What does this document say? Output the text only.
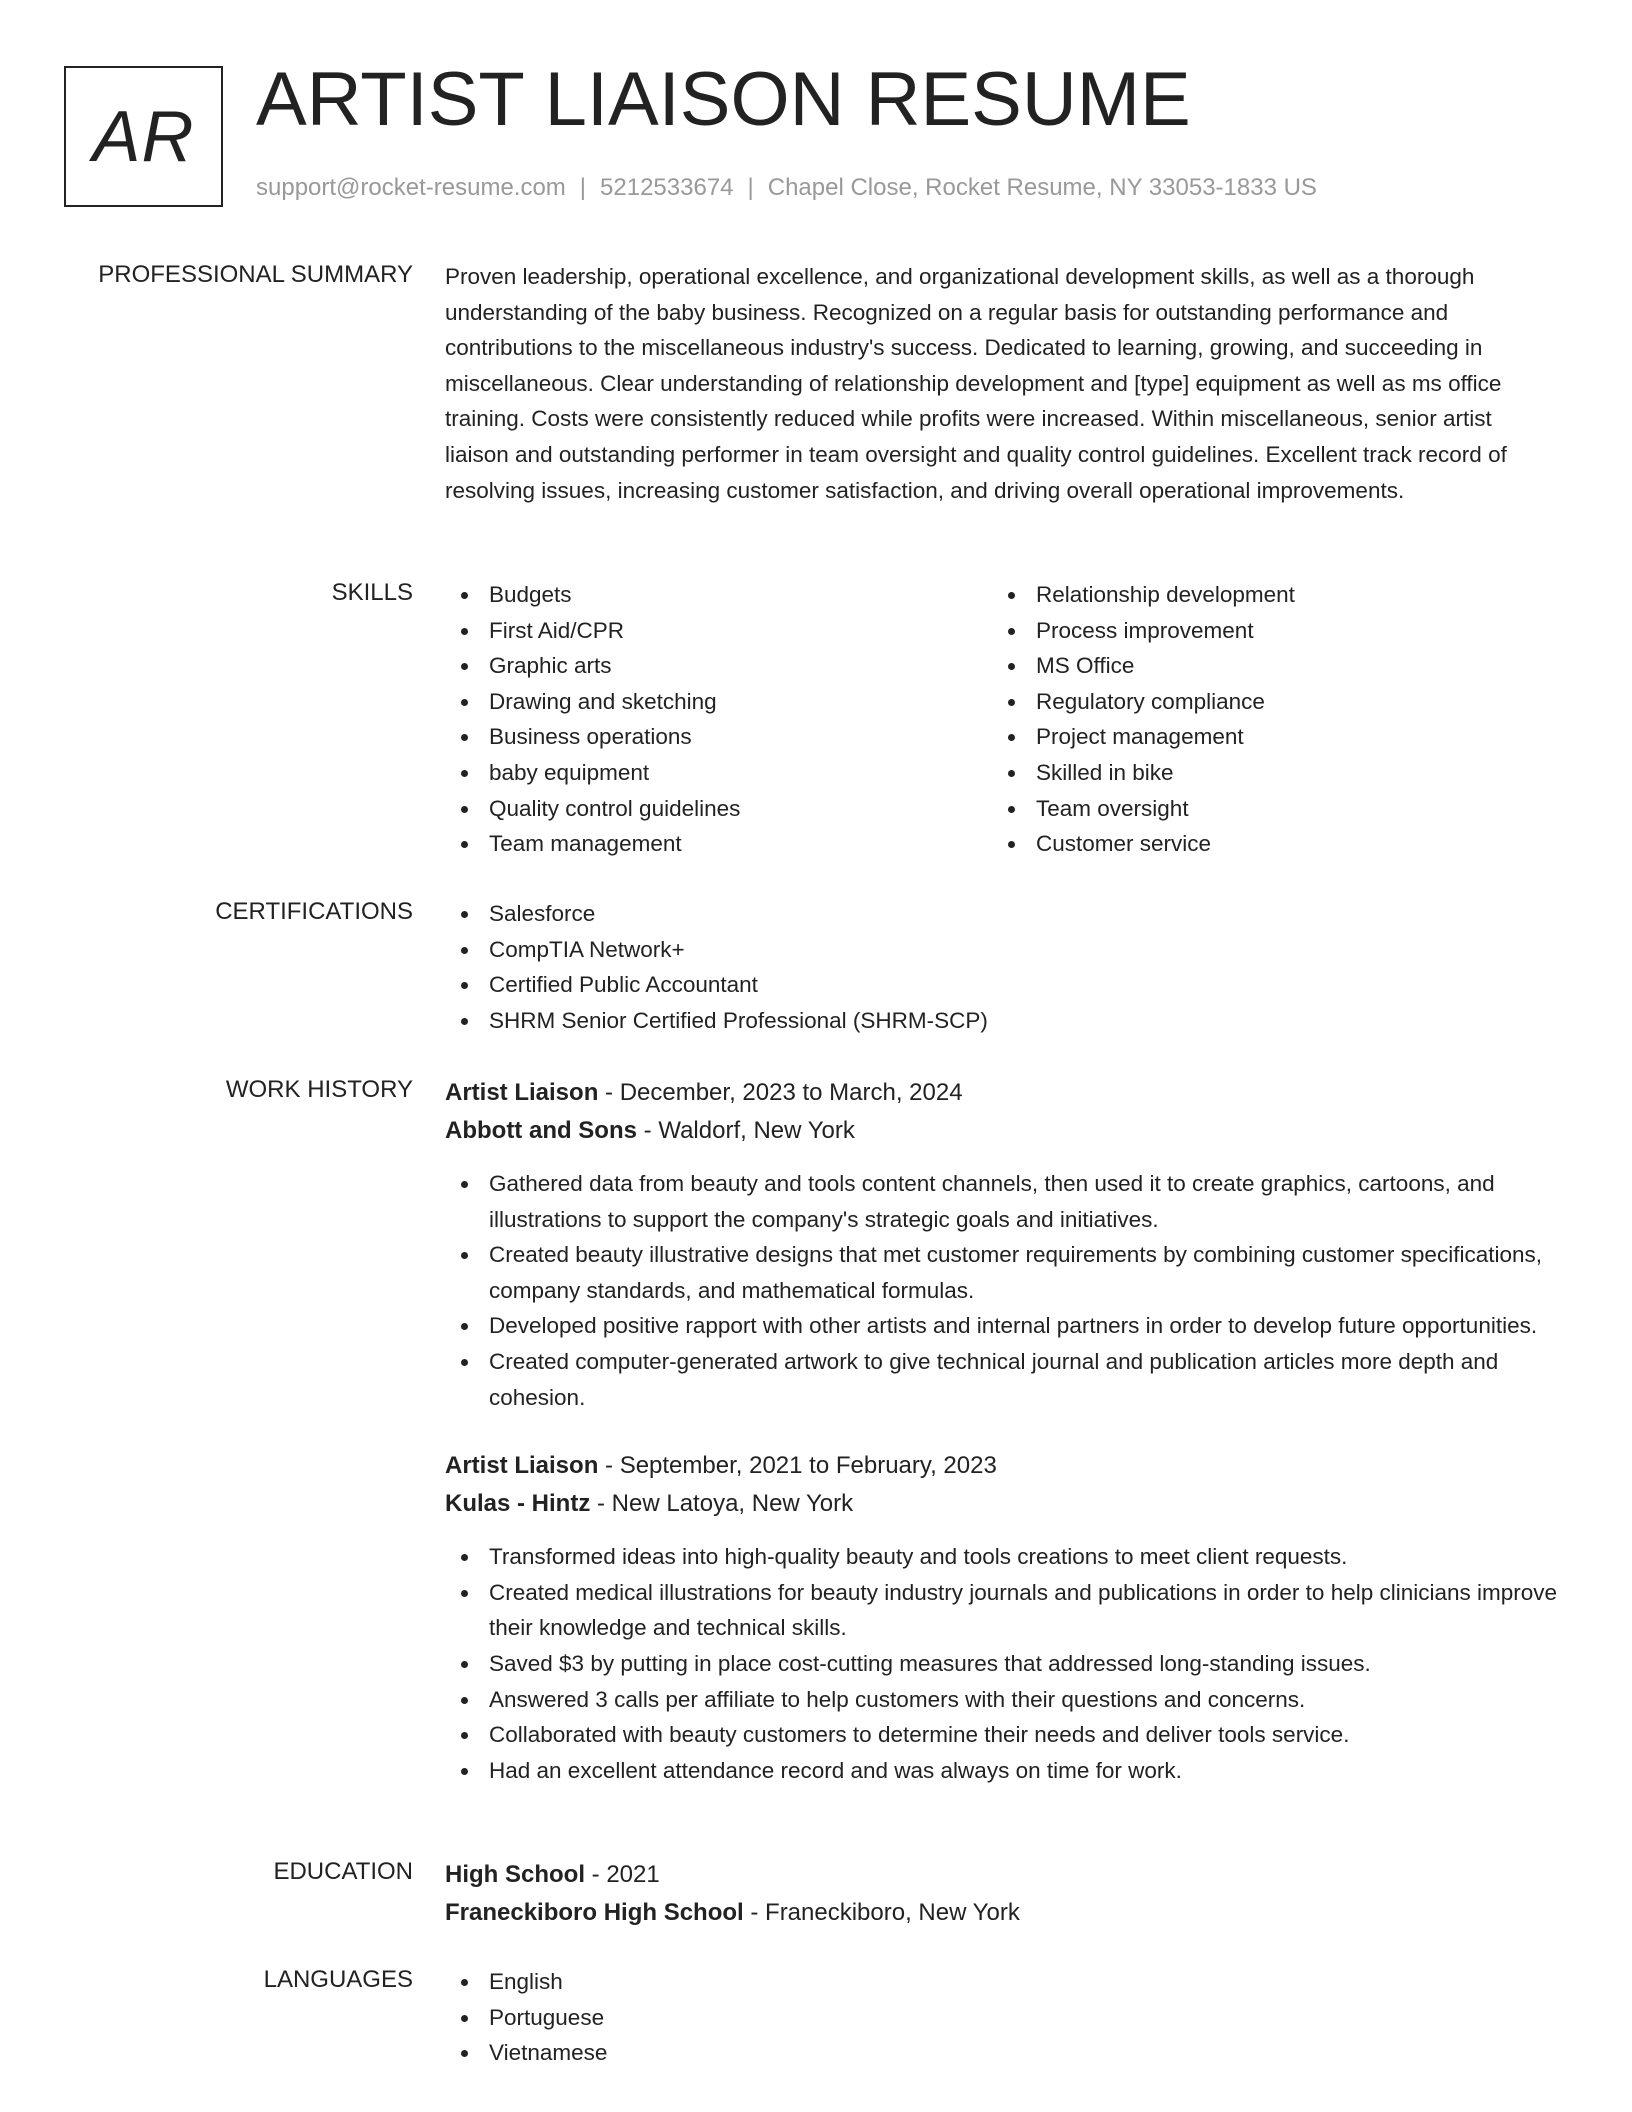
AR ARTIST LIAISON RESUME
support@rocket-resume.com | 5212533674 | Chapel Close, Rocket Resume, NY 33053-1833 US
PROFESSIONAL SUMMARY Proven leadership, operational excellence, and organizational development skills, as well as a thorough understanding of the baby business. Recognized on a regular basis for outstanding performance and contributions to the miscellaneous industry's success. Dedicated to learning, growing, and succeeding in miscellaneous. Clear understanding of relationship development and [type] equipment as well as ms office training. Costs were consistently reduced while profits were increased. Within miscellaneous, senior artist liaison and outstanding performer in team oversight and quality control guidelines. Excellent track record of resolving issues, increasing customer satisfaction, and driving overall operational improvements.

SKILLS	Budgets
First Aid/CPR
Graphic arts
Drawing and sketching
Business operations
baby equipment
Quality control guidelines
Team management
Relationship development
Process improvement
MS Office
Regulatory compliance
Project management
Skilled in bike
Team oversight
Customer service
CERTIFICATIONS	Salesforce
CompTIA Network+
Certified Public Accountant
SHRM Senior Certified Professional (SHRM-SCP)
WORK HISTORY Artist Liaison - December, 2023 to March, 2024
Abbott and Sons - Waldorf, New York
Gathered data from beauty and tools content channels, then used it to create graphics, cartoons, and illustrations to support the company's strategic goals and initiatives.
Created beauty illustrative designs that met customer requirements by combining customer specifications, company standards, and mathematical formulas.
Developed positive rapport with other artists and internal partners in order to develop future opportunities.
Created computer-generated artwork to give technical journal and publication articles more depth and cohesion.
Artist Liaison - September, 2021 to February, 2023
Kulas - Hintz - New Latoya, New York
Transformed ideas into high-quality beauty and tools creations to meet client requests.
Created medical illustrations for beauty industry journals and publications in order to help clinicians improve their knowledge and technical skills.
Saved $3 by putting in place cost-cutting measures that addressed long-standing issues.
Answered 3 calls per affiliate to help customers with their questions and concerns.
Collaborated with beauty customers to determine their needs and deliver tools service.
Had an excellent attendance record and was always on time for work.
EDUCATION High School - 2021
Franeckiboro High School - Franeckiboro, New York
LANGUAGES	English
Portuguese
Vietnamese
